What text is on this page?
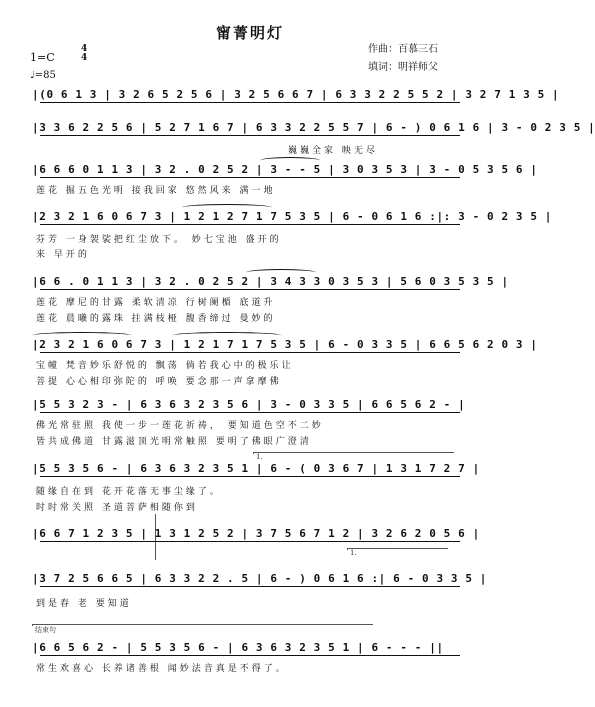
甯菁明灯
作曲：百慕三石
填词：明祥师父
1=C
4
4
♩=85
|(0 6 1 3 | 3 2 6 5 2 5 6 | 3 2 5 6 6 7 | 6 3 3 2 2 5 5 2 | 3 2 7 1 3 5 |
|3 3 6 2 2 5 6 | 5 2 7 1 6 7 | 6 3 3 2 2 5 5 7 | 6 - ) 0 6 1 6 | 3 - 0 2 3 5 |
巍巍全家 映无尽
|6 6 6 0 1 1 3 | 3 2 . 0 2 5 2 | 3 - - 5 | 3 0 3 5 3 | 3 - 0 5 3 5 6 |
莲花 掘五色光明 接我回家 悠然风来 满一地
|2 3 2 1 6 0 6 7 3 | 1 2 1 2 7 1 7 5 3 5 | 6 - 0 6 1 6 :|: 3 - 0 2 3 5 |
芬芳 一身袈裟把红尘放下。 妙七宝池 盛开的
来 早开的
|6 6 . 0 1 1 3 | 3 2 . 0 2 5 2 | 3 4 3 3 0 3 5 3 | 5 6 0 3 5 3 5 |
莲花 摩尼的甘露 柔软清凉 行树阑楯 底道升
莲花 晨曦的露珠 拄满枝桠 馥香缔过 曼妙的
|2 3 2 1 6 0 6 7 3 | 1 2 1 7 1 7 5 3 5 | 6 - 0 3 3 5 | 6 6 5 6 2 0 3 |
宝幢 梵音妙乐舒悦的 飘荡 倘若我心中的极乐让
菩提 心心相印弥陀的 呼唤 要念那一声拿摩佛
|5 5 3 2 3 - | 6 3 6 3 2 3 5 6 | 3 - 0 3 3 5 | 6 6 5 6 2 - |
佛光常驻照 我使一步一莲花祈祷， 要知道色空不二妙
皆共成佛道 甘露滋顶光明常触照 要明了佛眼广澄清
1.
|5 5 3 5 6 - | 6 3 6 3 2 3 5 1 | 6 - ( 0 3 6 7 | 1 3 1 7 2 7 |
随缘自在到 花开花落无事尘缘了。
时时常关照 圣道菩萨相随你到
1.
|6 6 7 1 2 3 5 | 1 3 1 2 5 2 | 3 7 5 6 7 1 2 | 3 2 6 2 0 5 6 |
|3 7 2 5 6 6 5 | 6 3 3 2 2 . 5 | 6 - ) 0 6 1 6 :| 6 - 0 3 3 5 |
到是春 老 要知道
结束句
|6 6 5 6 2 - | 5 5 3 5 6 - | 6 3 6 3 2 3 5 1 | 6 - - - ||
常生欢喜心 长养诸善根 闻妙法音真是不得了。
